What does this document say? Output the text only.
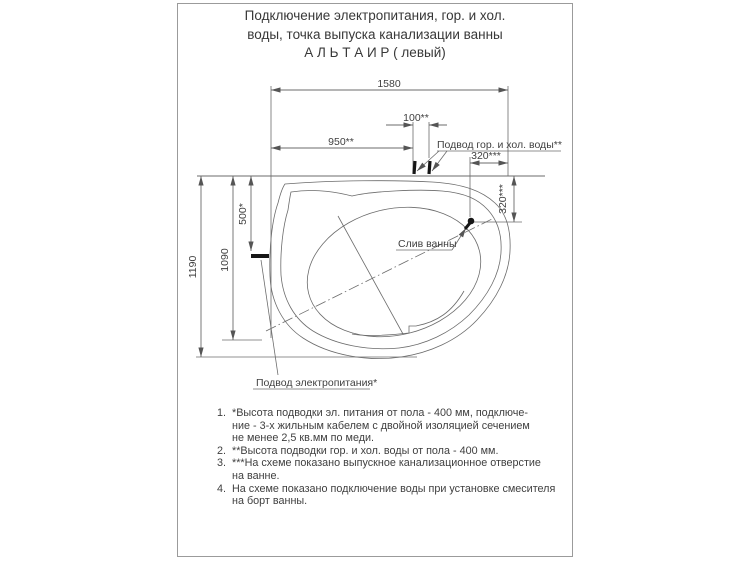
Подключение электропитания, гор. и хол.
воды, точка выпуска канализации ванны
А Л Ь Т А И Р ( левый)
1580
950**
100**
320***
320***
1190 1090
500*
Подвод гор. и хол. воды**
Слив ванны
Подвод электропитания*
1. *Высота подводки эл. питания от пола - 400 мм, подключе-
ние - 3-х жильным кабелем с двойной изоляцией сечением
не менее 2,5 кв.мм по меди.
2. **Высота подводки гор. и хол. воды от пола - 400 мм.
3. ***На схеме показано выпускное канализационное отверстие
на ванне.
4. На схеме показано подключение воды при установке смесителя
на борт ванны.
